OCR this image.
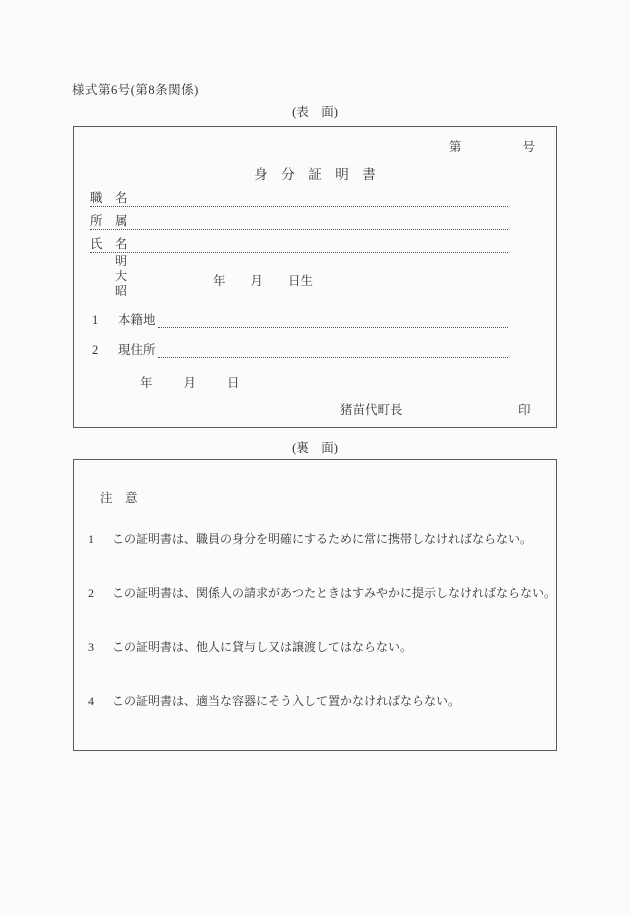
様式第6号(第8条関係)
(表　面)
第	号
身　分　証　明　書
職　名
所　属
氏　名
明
大
昭
年　　月　　日生
1	本籍地
2	現住所
年　　月　　日
猪苗代町長	印
(裏　面)
注　意
1	この証明書は、職員の身分を明確にするために常に携帯しなければならない。
2	この証明書は、関係人の請求があつたときはすみやかに提示しなければならない。
3	この証明書は、他人に貸与し又は譲渡してはならない。
4	この証明書は、適当な容器にそう入して置かなければならない。
